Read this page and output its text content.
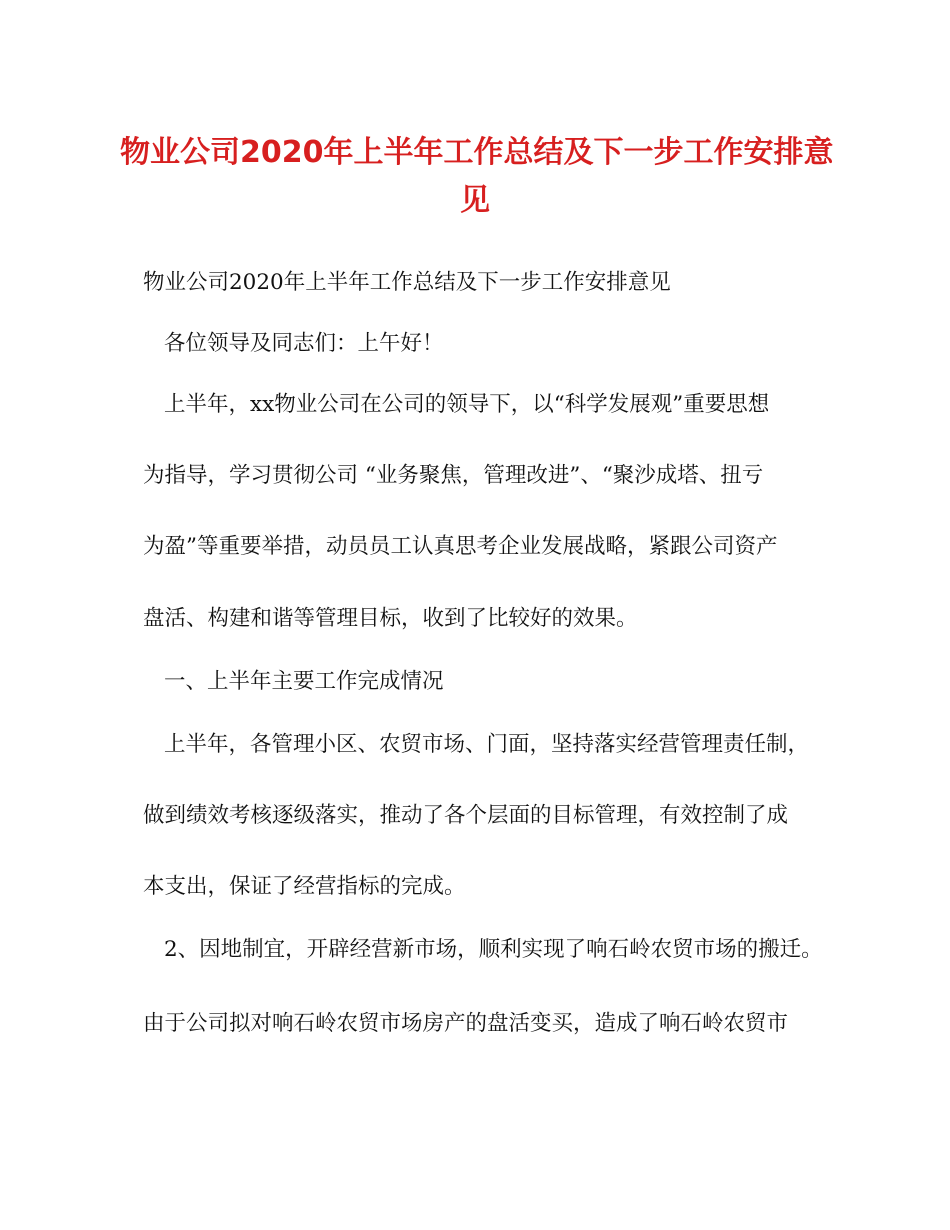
物业公司2020年上半年工作总结及下一步工作安排意
见

物业公司2020年上半年工作总结及下一步工作安排意见

各位领导及同志们：上午好！

上半年，xx物业公司在公司的领导下，以“科学发展观”重要思想

为指导，学习贯彻公司 “业务聚焦，管理改进”、“聚沙成塔、扭亏

为盈”等重要举措，动员员工认真思考企业发展战略，紧跟公司资产

盘活、构建和谐等管理目标，收到了比较好的效果。

一、上半年主要工作完成情况

上半年，各管理小区、农贸市场、门面，坚持落实经营管理责任制，

做到绩效考核逐级落实，推动了各个层面的目标管理，有效控制了成

本支出，保证了经营指标的完成。

2、因地制宜，开辟经营新市场，顺利实现了响石岭农贸市场的搬迁。

由于公司拟对响石岭农贸市场房产的盘活变买，造成了响石岭农贸市
